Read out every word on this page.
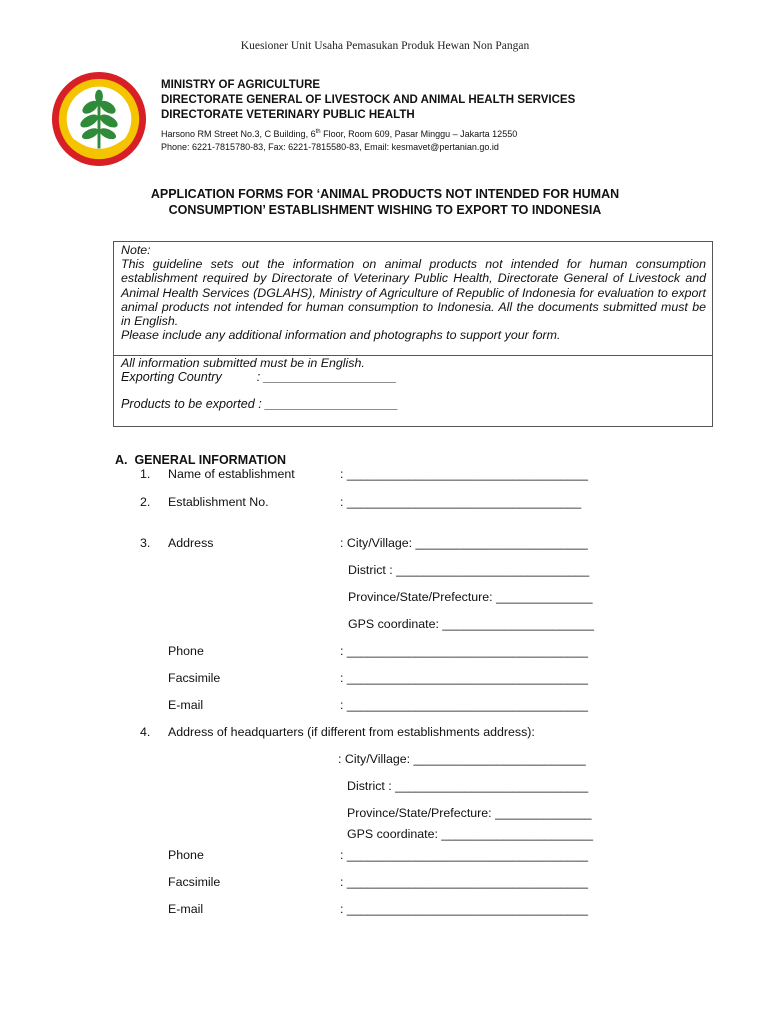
Kuesioner Unit Usaha Pemasukan Produk Hewan Non Pangan
MINISTRY OF AGRICULTURE
DIRECTORATE GENERAL OF LIVESTOCK AND ANIMAL HEALTH SERVICES
DIRECTORATE VETERINARY PUBLIC HEALTH
Harsono RM Street No.3, C Building, 6th Floor, Room 609, Pasar Minggu – Jakarta 12550
Phone: 6221-7815780-83, Fax: 6221-7815580-83, Email: kesmavet@pertanian.go.id
APPLICATION FORMS FOR ‘ANIMAL PRODUCTS NOT INTENDED FOR HUMAN
CONSUMPTION’ ESTABLISHMENT WISHING TO EXPORT TO INDONESIA
Note:
This guideline sets out the information on animal products not intended for human consumption establishment required by Directorate of Veterinary Public Health, Directorate General of Livestock and Animal Health Services (DGLAHS), Ministry of Agriculture of Republic of Indonesia for evaluation to export animal products not intended for human consumption to Indonesia. All the documents submitted must be in English.
Please include any additional information and photographs to support your form.
All information submitted must be in English.
Exporting Country          : ___________________
Products to be exported : ___________________
A.  GENERAL INFORMATION
1. Name of establishment	: ___________________________________
2. Establishment No.	: __________________________________
3. Address	: City/Village: _________________________
District : ____________________________
Province/State/Prefecture: ______________
GPS coordinate: ______________________
Phone	: ___________________________________
Facsimile	: ___________________________________
E-mail	: ___________________________________
4. Address of headquarters (if different from establishments address):
: City/Village: _________________________
District : ____________________________
Province/State/Prefecture: ______________
GPS coordinate: ______________________
Phone	: ___________________________________
Facsimile	: ___________________________________
E-mail	: ___________________________________
